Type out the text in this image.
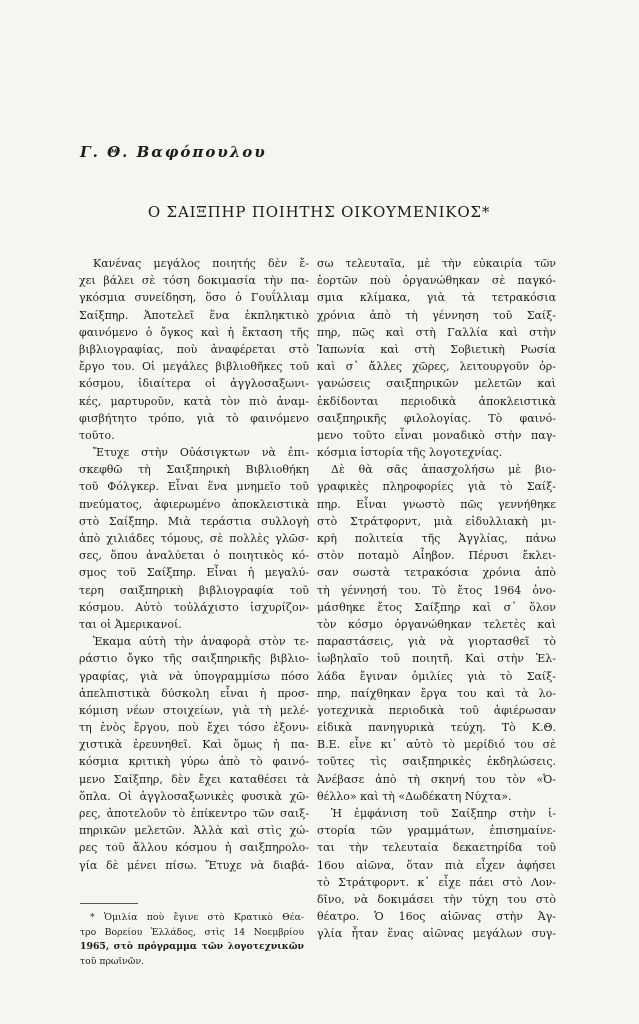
Γ. Θ. Βαφόπουλου
Ο ΣΑΙΞΠΗΡ ΠΟΙΗΤΗΣ ΟΙΚΟΥΜΕΝΙΚΟΣ*
Κανένας μεγάλος ποιητής δὲν ἔ-
χει βάλει σὲ τόση δοκιμασία τὴν πα-
γκόσμια συνείδηση, ὅσο ὁ Γουΐλλιαμ
Σαίξπηρ. Ἀποτελεῖ ἕνα ἐκπληκτικὸ
φαινόμενο ὁ ὄγκος καὶ ἡ ἔκταση τῆς
βιβλιογραφίας, ποὺ ἀναφέρεται στὸ
ἔργο του. Οἱ μεγάλες βιβλιοθῆκες τοῦ
κόσμου, ἰδιαίτερα οἱ ἀγγλοσαξωνι-
κές, μαρτυροῦν, κατὰ τὸν πιὸ ἀναμ-
φισβήτητο τρόπο, γιὰ τὸ φαινόμενο
τοῦτο.
Ἔτυχε στὴν Οὐάσιγκτων νὰ ἐπι-
σκεφθῶ τὴ Σαιξπηρικὴ Βιβλιοθήκη
τοῦ Φόλγκερ. Εἶναι ἕνα μνημεῖο τοῦ
πνεύματος, ἀφιερωμένο ἀποκλειστικὰ
στὸ Σαίξπηρ. Μιὰ τεράστια συλλογὴ
ἀπὸ χιλιάδες τόμους, σὲ πολλὲς γλῶσ-
σες, ὅπου ἀναλύεται ὁ ποιητικὸς κό-
σμος τοῦ Σαίξπηρ. Εἶναι ἡ μεγαλύ-
τερη σαιξπηρικὴ βιβλιογραφία τοῦ
κόσμου. Αὐτὸ τοὐλάχιστο ἰσχυρίζον-
ται οἱ Ἀμερικανοί.
Ἐκαμα αὐτὴ τὴν ἀναφορὰ στὸν τε-
ράστιο ὄγκο τῆς σαιξπηρικῆς βιβλιο-
γραφίας, γιὰ νὰ ὑπογραμμίσω πόσο
ἀπελπιστικὰ δύσκολη εἶναι ἡ προσ-
κόμιση νέων στοιχείων, γιὰ τὴ μελέ-
τη ἑνὸς ἔργου, ποὺ ἔχει τόσο ἐξονυ-
χιστικὰ ἐρευνηθεῖ. Καὶ ὅμως ἡ πα-
κόσμια κριτικὴ γύρω ἀπὸ τὸ φαινό-
μενο Σαίξπηρ, δὲν ἔχει καταθέσει τὰ
ὅπλα. Οἱ ἀγγλοσαξωνικὲς φυσικὰ χῶ-
ρες, ἀποτελοῦν τὸ ἐπίκεντρο τῶν σαιξ-
πηρικῶν μελετῶν. Ἀλλὰ καὶ στὶς χώ-
ρες τοῦ ἄλλου κόσμου ἡ σαιξπηρολο-
γία δὲ μένει πίσω. Ἔτυχε νὰ διαβά-
σω τελευταῖα, μὲ τὴν εὐκαιρία τῶν
ἑορτῶν ποὺ ὀργανώθηκαν σὲ παγκό-
σμια κλίμακα, γιὰ τὰ τετρακόσια
χρόνια ἀπὸ τὴ γέννηση τοῦ Σαίξ-
πηρ, πῶς καὶ στὴ Γαλλία καὶ στὴν
Ἰαπωνία καὶ στὴ Σοβιετικὴ Ρωσία
καὶ σ᾽ ἄλλες χῶρες, λειτουργοῦν ὀρ-
γανώσεις σαιξπηρικῶν μελετῶν καὶ
ἐκδίδονται περιοδικὰ ἀποκλειστικὰ
σαιξπηρικῆς φιλολογίας. Τὸ φαινό-
μενο τοῦτο εἶναι μοναδικὸ στὴν παγ-
κόσμια ἱστορία τῆς λογοτεχνίας.
Δὲ θὰ σᾶς ἀπασχολήσω μὲ βιο-
γραφικὲς πληροφορίες γιὰ τὸ Σαίξ-
πηρ. Εἶναι γνωστὸ πῶς γεννήθηκε
στὸ Στράτφορντ, μιὰ εἰδυλλιακὴ μι-
κρὴ πολιτεία τῆς Ἀγγλίας, πάνω
στὸν ποταμὸ Αἶηβον. Πέρυσι ἔκλει-
σαν σωστὰ τετρακόσια χρόνια ἀπὸ
τὴ γέννησή του. Τὸ ἔτος 1964 ὀνο-
μάσθηκε ἔτος Σαίξπηρ καὶ σ᾽ ὅλον
τὸν κόσμο ὀργανώθηκαν τελετὲς καὶ
παραστάσεις, γιὰ νὰ γιορτασθεῖ τὸ
ἰωβηλαῖο τοῦ ποιητῆ. Καὶ στὴν Ἑλ-
λάδα ἔγιναν ὁμιλίες γιὰ τὸ Σαίξ-
πηρ, παίχθηκαν ἔργα του καὶ τὰ λο-
γοτεχνικὰ περιοδικὰ τοῦ ἀφιέρωσαν
εἰδικὰ πανηγυρικὰ τεύχη. Τὸ Κ.Θ.
Β.Ε. εἶνε κι᾽ αὐτὸ τὸ μερίδιό του σὲ
τοῦτες τὶς σαιξπηρικὲς ἐκδηλώσεις.
Ἀνέβασε ἀπὸ τὴ σκηνή του τὸν «Ὀ-
θέλλο» καὶ τὴ «Δωδέκατη Νύχτα».
Ἡ ἐμφάνιση τοῦ Σαίξπηρ στὴν ἱ-
στορία τῶν γραμμάτων, ἐπισημαίνε-
ται τὴν τελευταία δεκαετηρίδα τοῦ
16ου αἰῶνα, ὅταν πιὰ εἶχεν ἀφήσει
τὸ Στράτφορντ. κ᾽ εἶχε πάει στὸ Λον-
δῖνο, νὰ δοκιμάσει τὴν τύχη του στὸ
θέατρο. Ὁ 16ος αἰῶνας στὴν Ἀγ-
γλία ἦταν ἕνας αἰῶνας μεγάλων συγ-
* Ὁμιλία ποὺ ἔγινε στὸ Κρατικὸ Θέα-
τρο Βορείου Ἑλλάδος, στὶς 14 Νοεμβρίου
1965, στὸ πρόγραμμα τῶν λογοτεχνικῶν
τοῦ πρωϊνῶν.
